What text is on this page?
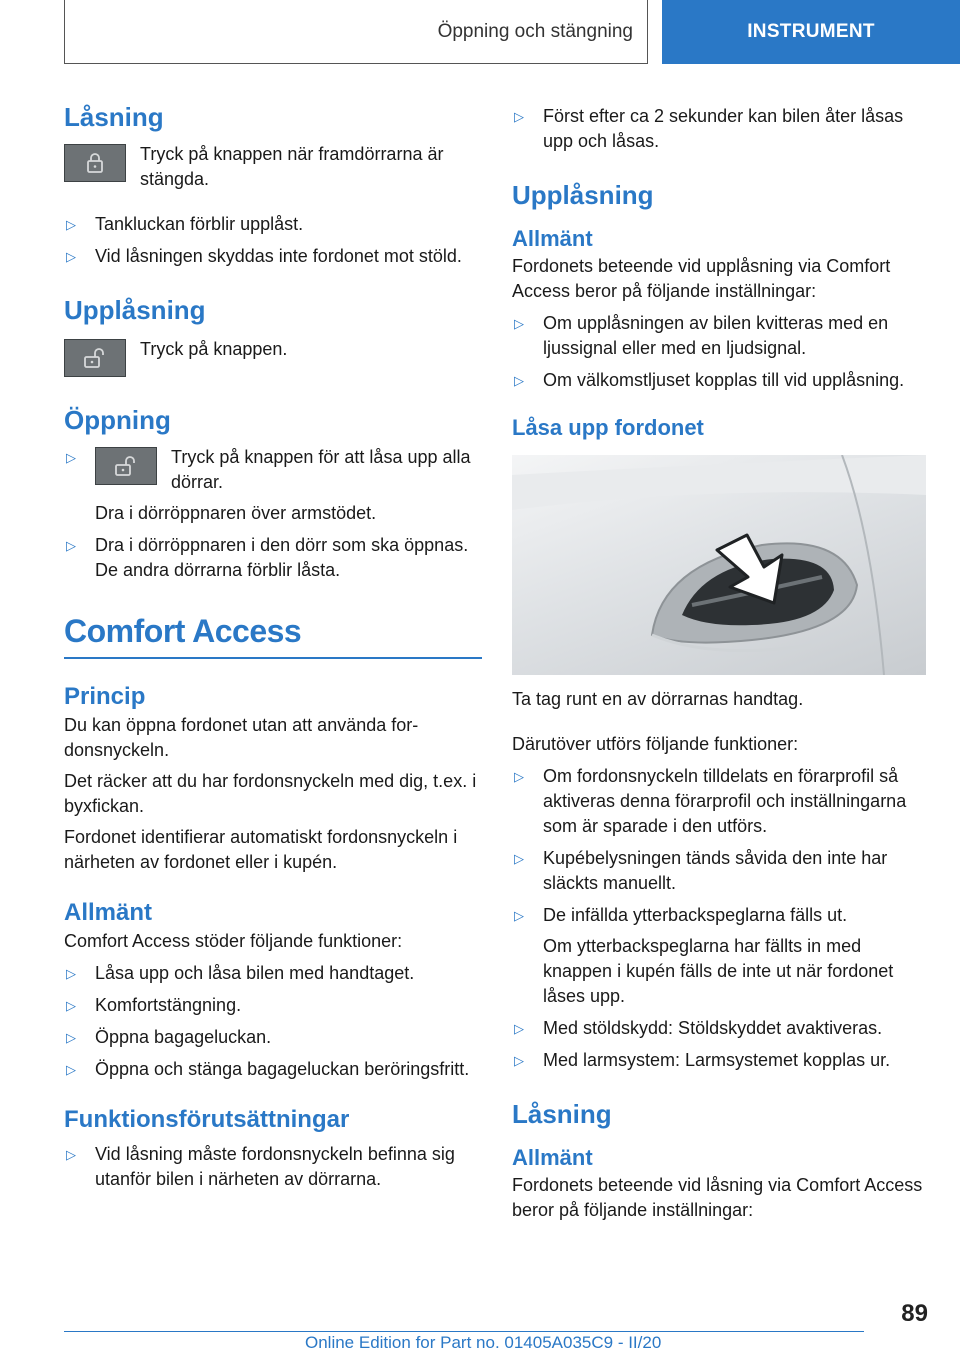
Öppning och stängning	INSTRUMENT
Låsning

Tryck på knappen när framdörrarna är stängda.

▷	Tankluckan förblir upplåst.
▷	Vid låsningen skyddas inte fordonet mot stöld.
Upplåsning

Tryck på knappen.

Öppning
▷	Tryck på knappen för att låsa upp alla dörrar.

Dra i dörröppnaren över armstödet.

▷	Dra i dörröppnaren i den dörr som ska öppnas. De andra dörrarna förblir låsta.
Comfort Access
Princip

Du kan öppna fordonet utan att använda fordonsnyckeln.

Det räcker att du har fordonsnyckeln med dig, t.ex. i byxfickan.

Fordonet identifierar automatiskt fordonsnyckeln i närheten av fordonet eller i kupén.

Allmänt

Comfort Access stöder följande funktioner:

▷	Låsa upp och låsa bilen med handtaget.
▷	Komfortstängning.
▷	Öppna bagageluckan.
▷	Öppna och stänga bagageluckan beröringsfritt.
Funktionsförutsättningar
▷	Vid låsning måste fordonsnyckeln befinna sig utanför bilen i närheten av dörrarna.
▷	Först efter ca 2 sekunder kan bilen åter låsas upp och låsas.
Upplåsning
Allmänt

Fordonets beteende vid upplåsning via Comfort Access beror på följande inställningar:

▷	Om upplåsningen av bilen kvitteras med en ljussignal eller med en ljudsignal.
▷	Om välkomstljuset kopplas till vid upplåsning.
Låsa upp fordonet

Ta tag runt en av dörrarnas handtag.

Därutöver utförs följande funktioner:

▷	Om fordonsnyckeln tilldelats en förarprofil så aktiveras denna förarprofil och inställningarna som är sparade i den utförs.
▷	Kupébelysningen tänds såvida den inte har släckts manuellt.
▷	De infällda ytterbackspeglarna fälls ut.

Om ytterbackspeglarna har fällts in med knappen i kupén fälls de inte ut när fordonet låses upp.

▷	Med stöldskydd: Stöldskyddet avaktiveras.
▷	Med larmsystem: Larmsystemet kopplas ur.
Låsning
Allmänt

Fordonets beteende vid låsning via Comfort Access beror på följande inställningar:

89
Online Edition for Part no. 01405A035C9 - II/20
